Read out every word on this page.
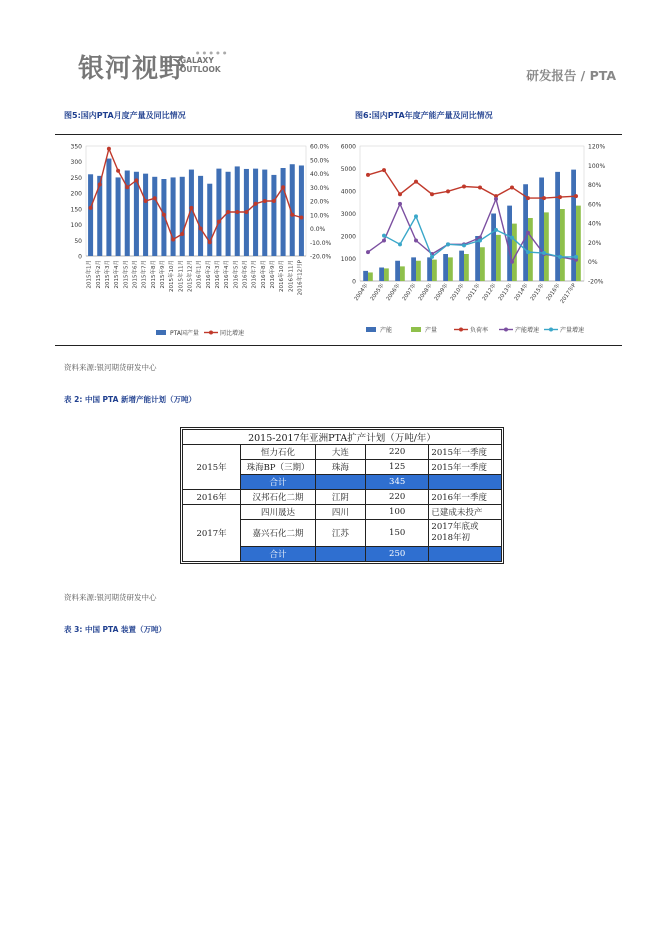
银河视野
● ● ● ● ●
GALAXY
OUTLOOK	研发报告 / PTA
图5:国内PTA月度产量及同比情况	图6:国内PTA年度产能产量及同比情况
0
50
100
150
200
250
300
350	60.0%
50.0%
40.0%
30.0%
20.0%
10.0%
0.0%
-10.0%
-20.0%
2015年1月 2015年2月 2015年3月 2015年4月 2015年5月 2015年6月 2015年7月 2015年8月 2015年9月 2015年10月 2015年11月 2015年12月 2016年1月 2016年2月 2016年3月 2016年4月 2016年5月 2016年6月 2016年7月 2016年8月 2016年9月 2016年10月 2016年11月 2016年12月P
PTA国产量	同比增速
0
1000
2000
3000
4000
5000
6000	120%
100%
80%
60%
40%
20%
0%
-20%
2004年 2005年 2006年 2007年 2008年 2009年 2010年 2011年 2012年 2013年 2014年 2015年 2016年
2017年P
产能	产量	负荷率	产能增速	产量增速
资料来源:银河期货研发中心
表 2: 中国 PTA 新增产能计划（万吨）
2015-2017年亚洲PTA扩产计划（万吨/年）				
2015年	恒力石化	大连	220	2015年一季度
	珠海BP（三期）	珠海	125	2015年一季度
	合计		345	
2016年	汉邦石化二期	江阴	220	2016年一季度
2017年	四川晟达	四川	100	已建成未投产
	嘉兴石化二期	江苏	150	2017年底或2018年初
	合计		250	
资料来源:银河期货研发中心
表 3: 中国 PTA 装置（万吨）
